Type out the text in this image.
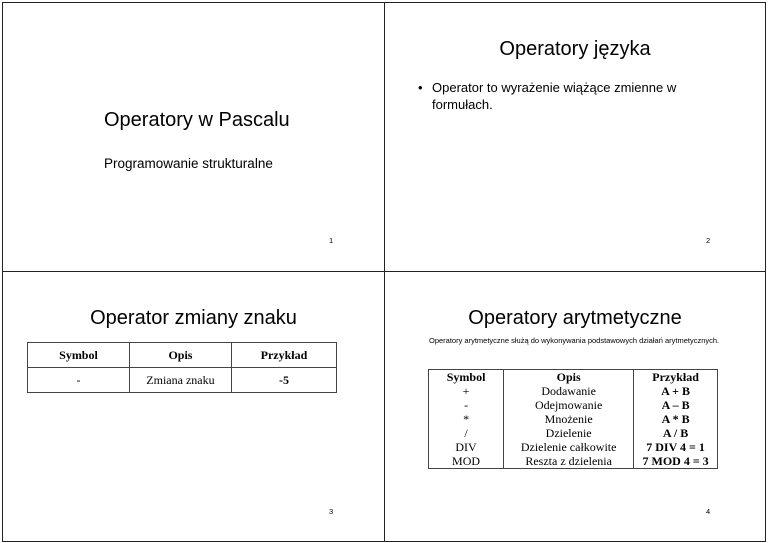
Operatory w Pascalu
Programowanie strukturalne
1
Operatory języka
• Operator to wyrażenie wiążące zmienne w formułach.
2
Operator zmiany znaku
Symbol	Opis	Przykład
-	Zmiana znaku	-5
3
Operatory arytmetyczne
Operatory arytmetyczne służą do wykonywania podstawowych działań arytmetycznych.
Symbol	Opis	Przykład
+	Dodawanie	A + B
-	Odejmowanie	A – B
*	Mnożenie	A * B
/	Dzielenie	A / B
DIV	Dzielenie całkowite	7 DIV 4 = 1
MOD	Reszta z dzielenia	7 MOD 4 = 3
4
